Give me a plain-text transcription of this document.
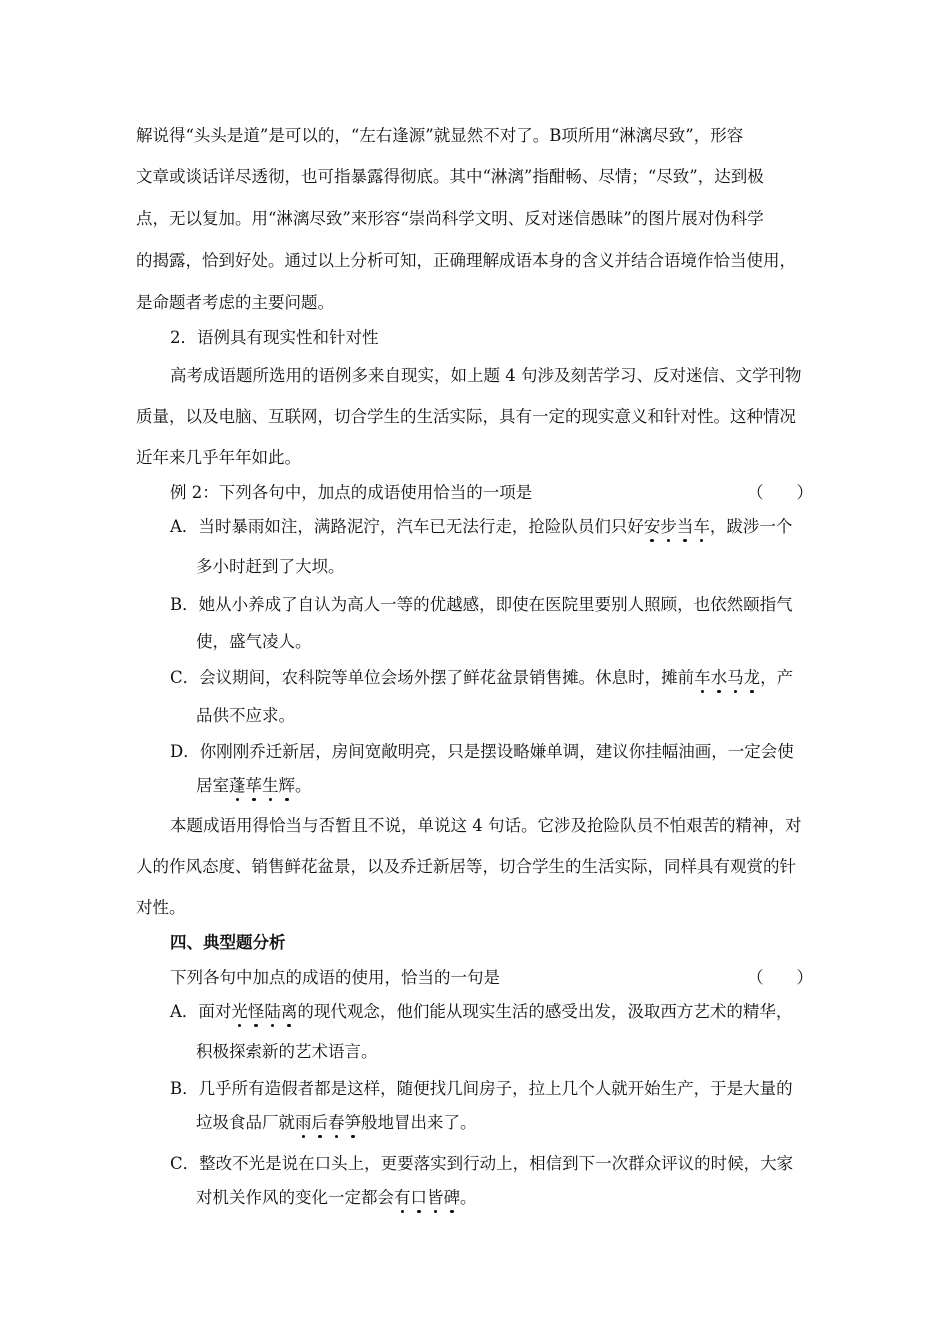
解说得“头头是道”是可以的，“左右逢源”就显然不对了。B项所用“淋漓尽致”，形容
文章或谈话详尽透彻，也可指暴露得彻底。其中“淋漓”指酣畅、尽情；“尽致”，达到极
点，无以复加。用“淋漓尽致”来形容“崇尚科学文明、反对迷信愚昧”的图片展对伪科学
的揭露，恰到好处。通过以上分析可知，正确理解成语本身的含义并结合语境作恰当使用，
是命题者考虑的主要问题。
2．语例具有现实性和针对性
高考成语题所选用的语例多来自现实，如上题 4 句涉及刻苦学习、反对迷信、文学刊物
质量，以及电脑、互联网，切合学生的生活实际，具有一定的现实意义和针对性。这种情况
近年来几乎年年如此。
例 2：下列各句中，加点的成语使用恰当的一项是	（　　）
A．当时暴雨如注，满路泥泞，汽车已无法行走，抢险队员们只好安步当车，跋涉一个
多小时赶到了大坝。
B．她从小养成了自认为高人一等的优越感，即使在医院里要别人照顾，也依然颐指气
使，盛气凌人。
C．会议期间，农科院等单位会场外摆了鲜花盆景销售摊。休息时，摊前车水马龙，产
品供不应求。
D．你刚刚乔迁新居，房间宽敞明亮，只是摆设略嫌单调，建议你挂幅油画，一定会使
居室蓬荜生辉。
本题成语用得恰当与否暂且不说，单说这 4 句话。它涉及抢险队员不怕艰苦的精神，对
人的作风态度、销售鲜花盆景，以及乔迁新居等，切合学生的生活实际，同样具有观赏的针
对性。
四、典型题分析
下列各句中加点的成语的使用，恰当的一句是	（　　）
A．面对光怪陆离的现代观念，他们能从现实生活的感受出发，汲取西方艺术的精华，
积极探索新的艺术语言。
B．几乎所有造假者都是这样，随便找几间房子，拉上几个人就开始生产，于是大量的
垃圾食品厂就雨后春笋般地冒出来了。
C．整改不光是说在口头上，更要落实到行动上，相信到下一次群众评议的时候，大家
对机关作风的变化一定都会有口皆碑。
